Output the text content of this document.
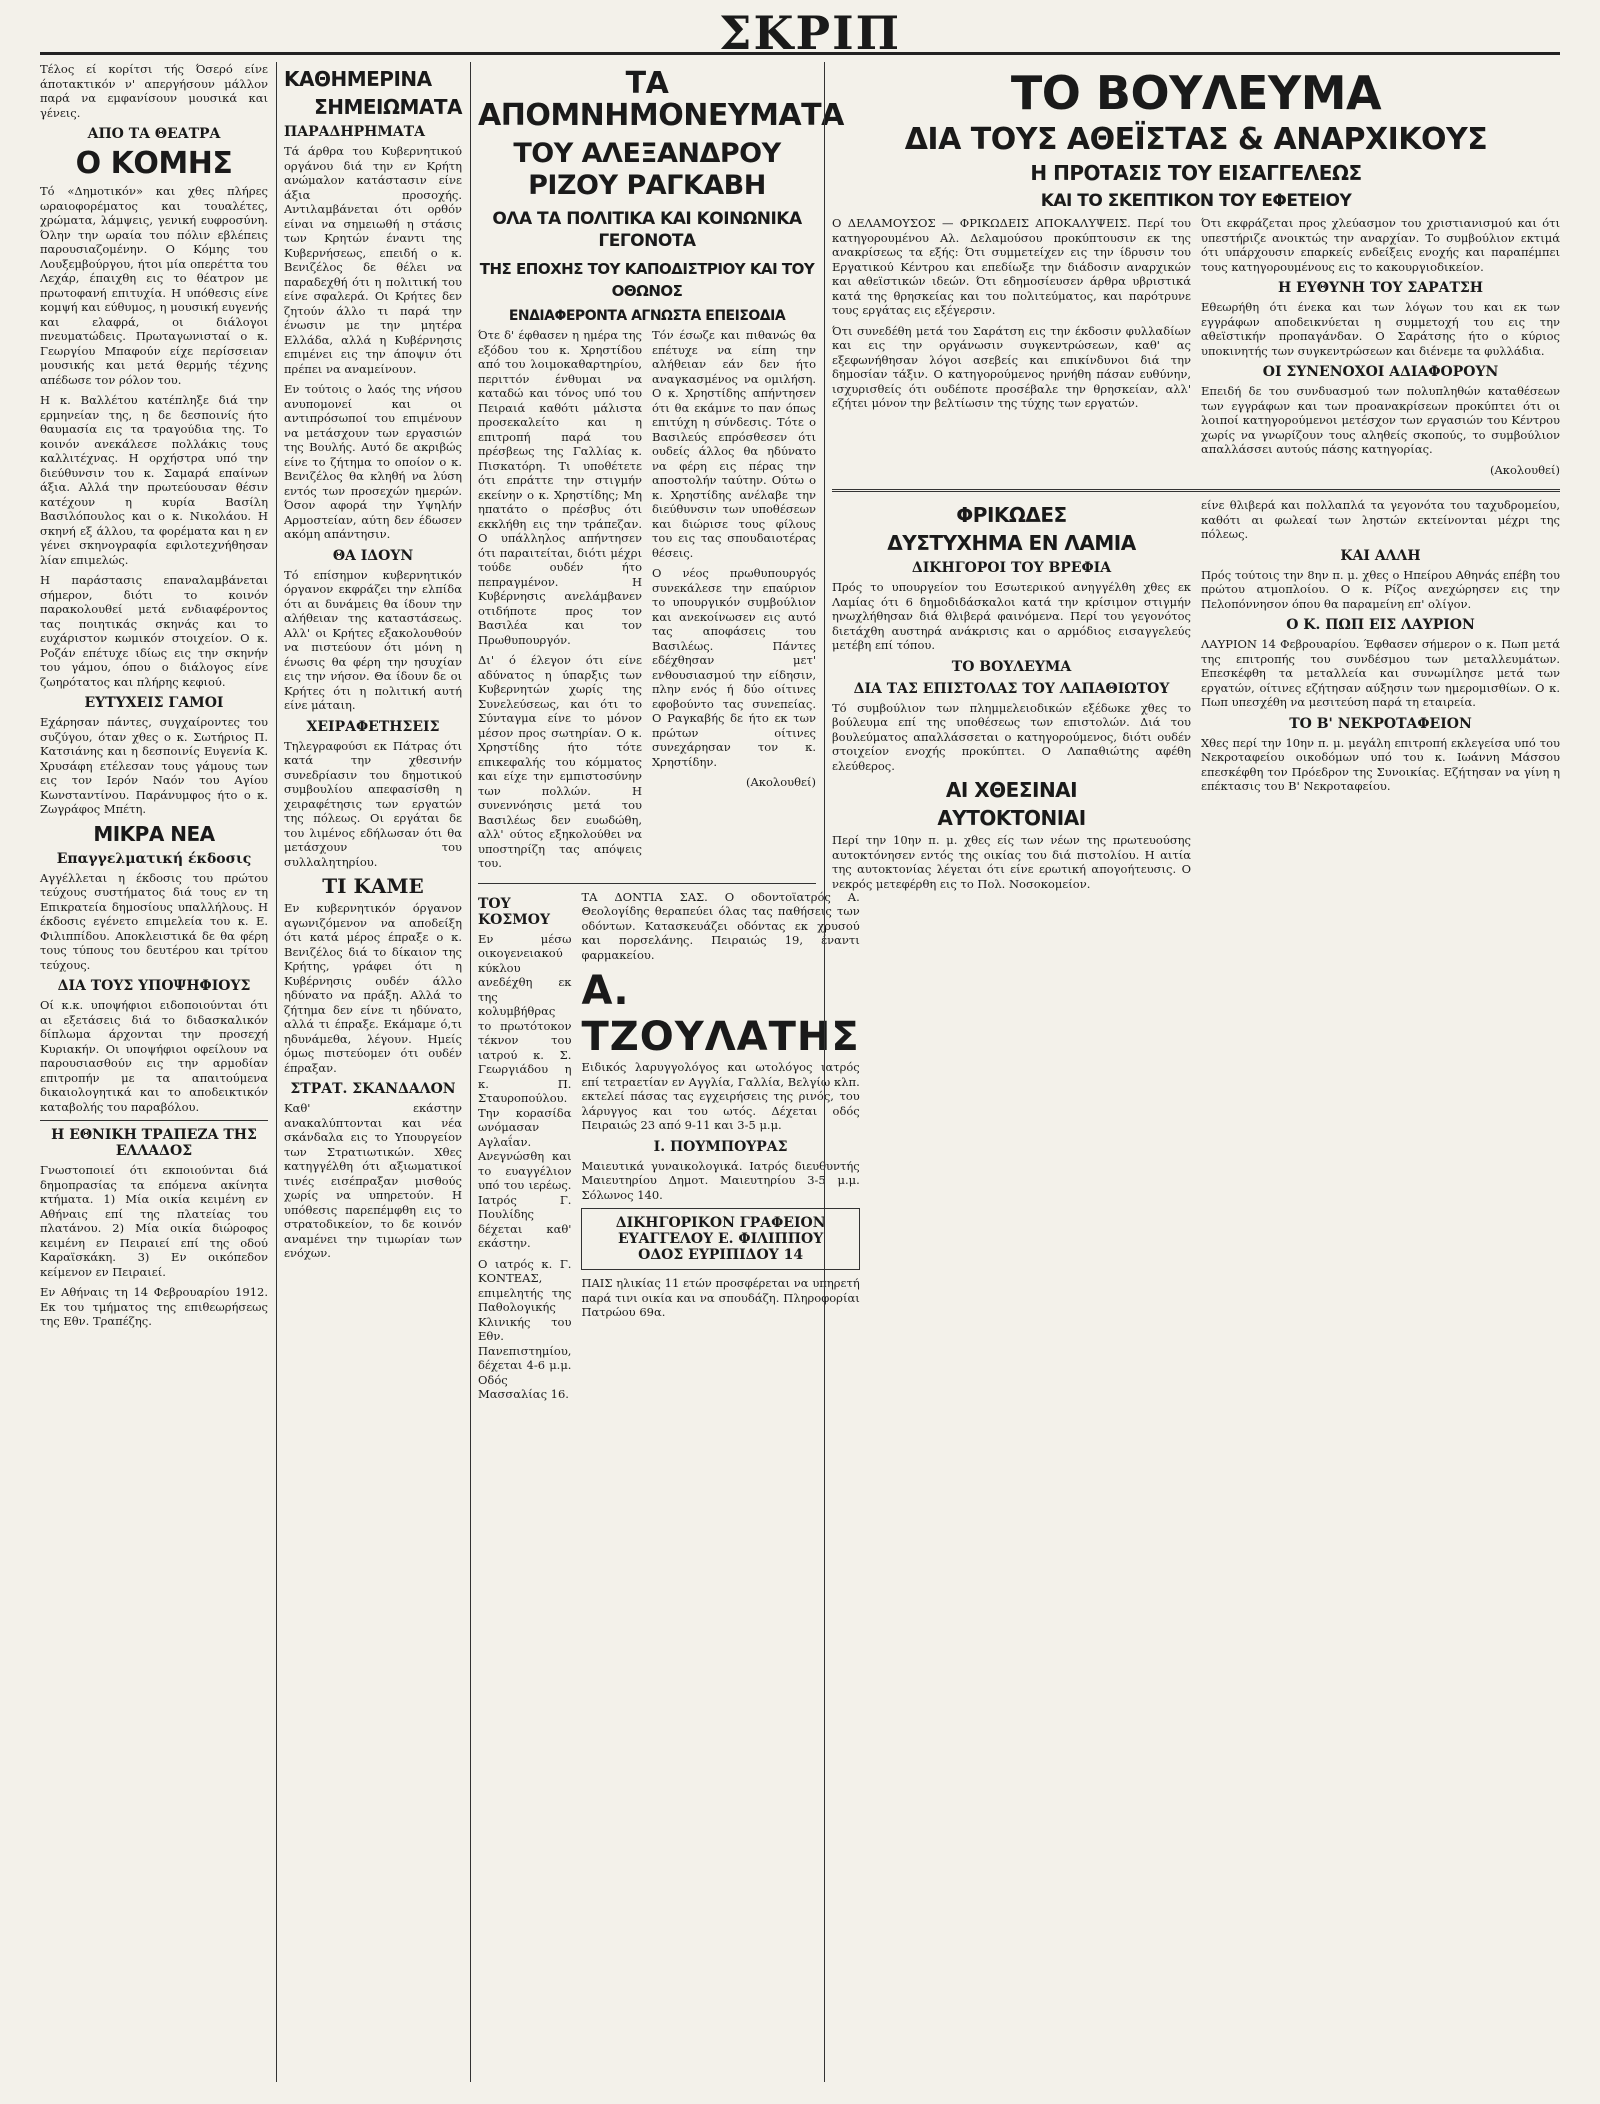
ΣΚΡΙΠ

Τέλος εί κορίτσι τής Όσερό είνε άποτακτικόν ν' απεργήσουν μάλλον παρά να εμφανίσουν μουσικά και γένεις.

ΑΠΟ ΤΑ ΘΕΑΤΡΑ
Ο ΚΟΜΗΣ

Τό «Δημοτικόν» και χθες πλήρες ωραιοφορέματος και τουαλέτες, χρώματα, λάμψεις, γενική ευφροσύνη. Όλην την ωραία του πόλιν εβλέπεις παρουσιαζομένην. Ο Κόμης του Λουξεμβούργου, ήτοι μία οπερέττα του Λεχάρ, έπαιχθη εις το θέατρον με πρωτοφανή επιτυχία. Η υπόθεσις είνε κομψή και εύθυμος, η μουσική ευγενής και ελαφρά, οι διάλογοι πνευματώδεις. Πρωταγωνισταί ο κ. Γεωργίου Μπαφούν είχε περίσσειαν μουσικής και μετά θερμής τέχνης απέδωσε τον ρόλον του.

Η κ. Βαλλέτου κατέπληξε διά την ερμηνείαν της, η δε δεσποινίς ήτο θαυμασία εις τα τραγούδια της. Το κοινόν ανεκάλεσε πολλάκις τους καλλιτέχνας. Η ορχήστρα υπό την διεύθυνσιν του κ. Σαμαρά επαίνων άξια. Αλλά την πρωτεύουσαν θέσιν κατέχουν η κυρία Βασίλη Βασιλόπουλος και ο κ. Νικολάου. Η σκηνή εξ άλλου, τα φορέματα και η εν γένει σκηνογραφία εφιλοτεχνήθησαν λίαν επιμελώς.

Η παράστασις επαναλαμβάνεται σήμερον, διότι το κοινόν παρακολουθεί μετά ενδιαφέροντος τας ποιητικάς σκηνάς και το ευχάριστον κωμικόν στοιχείον. Ο κ. Ροζάν επέτυχε ιδίως εις την σκηνήν του γάμου, όπου ο διάλογος είνε ζωηρότατος και πλήρης κεφιού.

ΕΥΤΥΧΕΙΣ ΓΑΜΟΙ

Εχάρησαν πάντες, συγχαίροντες του συζύγου, όταν χθες ο κ. Σωτήριος Π. Κατσιάνης και η δεσποινίς Ευγενία Κ. Χρυσάφη ετέλεσαν τους γάμους των εις τον Ιερόν Ναόν του Αγίου Κωνσταντίνου. Παράνυμφος ήτο ο κ. Ζωγράφος Μπέτη.

ΜΙΚΡΑ ΝΕΑ
Επαγγελματική έκδοσις

Αγγέλλεται η έκδοσις του πρώτου τεύχους συστήματος διά τους εν τη Επικρατεία δημοσίους υπαλλήλους. Η έκδοσις εγένετο επιμελεία του κ. Ε. Φιλιππίδου. Αποκλειστικά δε θα φέρη τους τύπους του δευτέρου και τρίτου τεύχους.

ΔΙΑ ΤΟΥΣ ΥΠΟΨΗΦΙΟΥΣ

Οί κ.κ. υποψήφιοι ειδοποιούνται ότι αι εξετάσεις διά το διδασκαλικόν δίπλωμα άρχονται την προσεχή Κυριακήν. Οι υποψήφιοι οφείλουν να παρουσιασθούν εις την αρμοδίαν επιτροπήν με τα απαιτούμενα δικαιολογητικά και το αποδεικτικόν καταβολής του παραβόλου.

Η ΕΘΝΙΚΗ ΤΡΑΠΕΖΑ ΤΗΣ ΕΛΛΑΔΟΣ

Γνωστοποιεί ότι εκποιούνται διά δημοπρασίας τα επόμενα ακίνητα κτήματα. 1) Μία οικία κειμένη εν Αθήναις επί της πλατείας του πλατάνου. 2) Μία οικία διώροφος κειμένη εν Πειραιεί επί της οδού Καραϊσκάκη. 3) Εν οικόπεδον κείμενον εν Πειραιεί.

Εν Αθήναις τη 14 Φεβρουαρίου 1912. Εκ του τμήματος της επιθεωρήσεως της Εθν. Τραπέζης.

ΚΑΘΗΜΕΡΙΝΑ
ΣΗΜΕΙΩΜΑΤΑ
ΠΑΡΑΔΗΡΗΜΑΤΑ

Τά άρθρα του Κυβερνητικού οργάνου διά την εν Κρήτη ανώμαλον κατάστασιν είνε άξια προσοχής. Αντιλαμβάνεται ότι ορθόν είναι να σημειωθή η στάσις των Κρητών έναντι της Κυβερνήσεως, επειδή ο κ. Βενιζέλος δε θέλει να παραδεχθή ότι η πολιτική του είνε σφαλερά. Οι Κρήτες δεν ζητούν άλλο τι παρά την ένωσιν με την μητέρα Ελλάδα, αλλά η Κυβέρνησις επιμένει εις την άποψιν ότι πρέπει να αναμείνουν.

Εν τούτοις ο λαός της νήσου ανυπομονεί και οι αντιπρόσωποί του επιμένουν να μετάσχουν των εργασιών της Βουλής. Αυτό δε ακριβώς είνε το ζήτημα το οποίον ο κ. Βενιζέλος θα κληθή να λύση εντός των προσεχών ημερών. Όσον αφορά την Υψηλήν Αρμοστείαν, αύτη δεν έδωσεν ακόμη απάντησιν.

ΘΑ ΙΔΟΥΝ

Τό επίσημον κυβερνητικόν όργανον εκφράζει την ελπίδα ότι αι δυνάμεις θα ίδουν την αλήθειαν της καταστάσεως. Αλλ' οι Κρήτες εξακολουθούν να πιστεύουν ότι μόνη η ένωσις θα φέρη την ησυχίαν εις την νήσον. Θα ίδουν δε οι Κρήτες ότι η πολιτική αυτή είνε μάταιη.

ΧΕΙΡΑΦΕΤΗΣΕΙΣ

Τηλεγραφούσι εκ Πάτρας ότι κατά την χθεσινήν συνεδρίασιν του δημοτικού συμβουλίου απεφασίσθη η χειραφέτησις των εργατών της πόλεως. Οι εργάται δε του λιμένος εδήλωσαν ότι θα μετάσχουν του συλλαλητηρίου.

ΤΙ ΚΑΜΕ

Εν κυβερνητικόν όργανον αγωνιζόμενον να αποδείξη ότι κατά μέρος έπραξε ο κ. Βενιζέλος διά το δίκαιον της Κρήτης, γράφει ότι η Κυβέρνησις ουδέν άλλο ηδύνατο να πράξη. Αλλά το ζήτημα δεν είνε τι ηδύνατο, αλλά τι έπραξε. Εκάμαμε ό,τι ηδυνάμεθα, λέγουν. Ημείς όμως πιστεύομεν ότι ουδέν έπραξαν.

ΣΤΡΑΤ. ΣΚΑΝΔΑΛΟΝ

Καθ' εκάστην ανακαλύπτονται και νέα σκάνδαλα εις το Υπουργείον των Στρατιωτικών. Χθες κατηγγέλθη ότι αξιωματικοί τινές εισέπραξαν μισθούς χωρίς να υπηρετούν. Η υπόθεσις παρεπέμφθη εις το στρατοδικείον, το δε κοινόν αναμένει την τιμωρίαν των ενόχων.

ΤΑ ΑΠΟΜΝΗΜΟΝΕΥΜΑΤΑ
ΤΟΥ ΑΛΕΞΑΝΔΡΟΥ ΡΙΖΟΥ ΡΑΓΚΑΒΗ
ΟΛΑ ΤΑ ΠΟΛΙΤΙΚΑ ΚΑΙ ΚΟΙΝΩΝΙΚΑ ΓΕΓΟΝΟΤΑ
ΤΗΣ ΕΠΟΧΗΣ ΤΟΥ ΚΑΠΟΔΙΣΤΡΙΟΥ ΚΑΙ ΤΟΥ ΟΘΩΝΟΣ
ΕΝΔΙΑΦΕΡΟΝΤΑ ΑΓΝΩΣΤΑ ΕΠΕΙΣΟΔΙΑ

Ότε δ' έφθασεν η ημέρα της εξόδου του κ. Χρηστίδου από του λοιμοκαθαρτηρίου, περιττόν ένθυμαι να καταδώ και τόνος υπό του Πειραιά καθότι μάλιστα προσεκαλείτο και η επιτροπή παρά του πρέσβεως της Γαλλίας κ. Πισκατόρη. Τι υποθέτετε ότι επράττε την στιγμήν εκείνην ο κ. Χρηστίδης; Μη ηπατάτο ο πρέσβυς ότι εκκλήθη εις την τράπεζαν. Ο υπάλληλος απήντησεν ότι παραιτείται, διότι μέχρι τούδε ουδέν ήτο πεπραγμένον. Η Κυβέρνησις ανελάμβανεν οτιδήποτε προς τον Βασιλέα και τον Πρωθυπουργόν.

Δι' ό έλεγον ότι είνε αδύνατος η ύπαρξις των Κυβερνητών χωρίς της Συνελεύσεως, και ότι το Σύνταγμα είνε το μόνον μέσον προς σωτηρίαν. Ο κ. Χρηστίδης ήτο τότε επικεφαλής του κόμματος και είχε την εμπιστοσύνην των πολλών. Η συνεννόησις μετά του Βασιλέως δεν ευωδώθη, αλλ' ούτος εξηκολούθει να υποστηρίζη τας απόψεις του.

Τόν έσωζε και πιθανώς θα επέτυχε να είπη την αλήθειαν εάν δεν ήτο αναγκασμένος να ομιλήση. Ο κ. Χρηστίδης απήντησεν ότι θα εκάμνε το παν όπως επιτύχη η σύνδεσις. Τότε ο Βασιλεύς επρόσθεσεν ότι ουδείς άλλος θα ηδύνατο να φέρη εις πέρας την αποστολήν ταύτην. Ούτω ο κ. Χρηστίδης ανέλαβε την διεύθυνσιν των υποθέσεων και διώρισε τους φίλους του εις τας σπουδαιοτέρας θέσεις.

Ο νέος πρωθυπουργός συνεκάλεσε την επαύριον το υπουργικόν συμβούλιον και ανεκοίνωσεν εις αυτό τας αποφάσεις του Βασιλέως. Πάντες εδέχθησαν μετ' ενθουσιασμού την είδησιν, πλην ενός ή δύο οίτινες εφοβούντο τας συνεπείας. Ο Ραγκαβής δε ήτο εκ των πρώτων οίτινες συνεχάρησαν τον κ. Χρηστίδην.

(Ακολουθεί)

ΤΟΥ ΚΟΣΜΟΥ

Εν μέσω οικογενειακού κύκλου ανεδέχθη εκ της κολυμβήθρας το πρωτότοκον τέκνον του ιατρού κ. Σ. Γεωργιάδου η κ. Π. Σταυροπούλου. Την κορασίδα ωνόμασαν Αγλαΐαν. Ανεγνώσθη και το ευαγγέλιον υπό του ιερέως. Ιατρός Γ. Πουλίδης δέχεται καθ' εκάστην.

Ο ιατρός κ. Γ. ΚΟΝΤΕΑΣ, επιμελητής της Παθολογικής Κλινικής του Εθν. Πανεπιστημίου, δέχεται 4-6 μ.μ. Οδός Μασσαλίας 16.

ΤΑ ΔΟΝΤΙΑ ΣΑΣ. Ο οδοντοϊατρός Α. Θεολογίδης θεραπεύει όλας τας παθήσεις των οδόντων. Κατασκευάζει οδόντας εκ χρυσού και πορσελάνης. Πειραιώς 19, έναντι φαρμακείου.

Α. ΤΖΟΥΛΑΤΗΣ

Ειδικός λαρυγγολόγος και ωτολόγος ιατρός επί τετραετίαν εν Αγγλία, Γαλλία, Βελγίω κλπ. εκτελεί πάσας τας εγχειρήσεις της ρινός, του λάρυγγος και του ωτός. Δέχεται οδός Πειραιώς 23 από 9-11 και 3-5 μ.μ.

Ι. ΠΟΥΜΠΟΥΡΑΣ

Μαιευτικά γυναικολογικά. Ιατρός διευθυντής Μαιευτηρίου Δημοτ. Μαιευτηρίου 3-5 μ.μ. Σόλωνος 140.

ΔΙΚΗΓΟΡΙΚΟΝ ΓΡΑΦΕΙΟΝ
ΕΥΑΓΓΕΛΟΥ Ε. ΦΙΛΙΠΠΟΥ
ΟΔΟΣ ΕΥΡΙΠΙΔΟΥ 14

ΠΑΙΣ ηλικίας 11 ετών προσφέρεται να υπηρετή παρά τινι οικία και να σπουδάζη. Πληροφορίαι Πατρώου 69α.

ΤΟ ΒΟΥΛΕΥΜΑ
ΔΙΑ ΤΟΥΣ ΑΘΕΪΣΤΑΣ & ΑΝΑΡΧΙΚΟΥΣ
Η ΠΡΟΤΑΣΙΣ ΤΟΥ ΕΙΣΑΓΓΕΛΕΩΣ
ΚΑΙ ΤΟ ΣΚΕΠΤΙΚΟΝ ΤΟΥ ΕΦΕΤΕΙΟΥ

Ο ΔΕΛΑΜΟΥΣΟΣ — ΦΡΙΚΩΔΕΙΣ ΑΠΟΚΑΛΥΨΕΙΣ. Περί του κατηγορουμένου Αλ. Δελαμούσου προκύπτουσιν εκ της ανακρίσεως τα εξής: Ότι συμμετείχεν εις την ίδρυσιν του Εργατικού Κέντρου και επεδίωξε την διάδοσιν αναρχικών και αθεϊστικών ιδεών. Ότι εδημοσίευσεν άρθρα υβριστικά κατά της θρησκείας και του πολιτεύματος, και παρότρυνε τους εργάτας εις εξέγερσιν.

Ότι συνεδέθη μετά του Σαράτση εις την έκδοσιν φυλλαδίων και εις την οργάνωσιν συγκεντρώσεων, καθ' ας εξεφωνήθησαν λόγοι ασεβείς και επικίνδυνοι διά την δημοσίαν τάξιν. Ο κατηγορούμενος ηρνήθη πάσαν ευθύνην, ισχυρισθείς ότι ουδέποτε προσέβαλε την θρησκείαν, αλλ' εζήτει μόνον την βελτίωσιν της τύχης των εργατών.

Ότι εκφράζεται προς χλεύασμον του χριστιανισμού και ότι υπεστήριζε ανοικτώς την αναρχίαν. Το συμβούλιον εκτιμά ότι υπάρχουσιν επαρκείς ενδείξεις ενοχής και παραπέμπει τους κατηγορουμένους εις το κακουργιοδικείον.

Η ΕΥΘΥΝΗ ΤΟΥ ΣΑΡΑΤΣΗ

Εθεωρήθη ότι ένεκα και των λόγων του και εκ των εγγράφων αποδεικνύεται η συμμετοχή του εις την αθεϊστικήν προπαγάνδαν. Ο Σαράτσης ήτο ο κύριος υποκινητής των συγκεντρώσεων και διένεμε τα φυλλάδια.

ΟΙ ΣΥΝΕΝΟΧΟΙ ΑΔΙΑΦΟΡΟΥΝ

Επειδή δε του συνδυασμού των πολυπληθών καταθέσεων των εγγράφων και των προανακρίσεων προκύπτει ότι οι λοιποί κατηγορούμενοι μετέσχον των εργασιών του Κέντρου χωρίς να γνωρίζουν τους αληθείς σκοπούς, το συμβούλιον απαλλάσσει αυτούς πάσης κατηγορίας.

(Ακολουθεί)

ΦΡΙΚΩΔΕΣ
ΔΥΣΤΥΧΗΜΑ ΕΝ ΛΑΜΙΑ
ΔΙΚΗΓΟΡΟΙ ΤΟΥ ΒΡΕΦΙΑ

Πρός το υπουργείον του Εσωτερικού ανηγγέλθη χθες εκ Λαμίας ότι 6 δημοδιδάσκαλοι κατά την κρίσιμον στιγμήν ηνωχλήθησαν διά θλιβερά φαινόμενα. Περί του γεγονότος διετάχθη αυστηρά ανάκρισις και ο αρμόδιος εισαγγελεύς μετέβη επί τόπου.

ΤΟ ΒΟΥΛΕΥΜΑ
ΔΙΑ ΤΑΣ ΕΠΙΣΤΟΛΑΣ ΤΟΥ ΛΑΠΑΘΙΩΤΟΥ

Τό συμβούλιον των πλημμελειοδικών εξέδωκε χθες το βούλευμα επί της υποθέσεως των επιστολών. Διά του βουλεύματος απαλλάσσεται ο κατηγορούμενος, διότι ουδέν στοιχείον ενοχής προκύπτει. Ο Λαπαθιώτης αφέθη ελεύθερος.

ΑΙ ΧΘΕΣΙΝΑΙ
ΑΥΤΟΚΤΟΝΙΑΙ

Περί την 10ην π. μ. χθες είς των νέων της πρωτευούσης αυτοκτόνησεν εντός της οικίας του διά πιστολίου. Η αιτία της αυτοκτονίας λέγεται ότι είνε ερωτική απογοήτευσις. Ο νεκρός μετεφέρθη εις το Πολ. Νοσοκομείον.

είνε θλιβερά και πολλαπλά τα γεγονότα του ταχυδρομείου, καθότι αι φωλεαί των ληστών εκτείνονται μέχρι της πόλεως.

ΚΑΙ ΑΛΛΗ

Πρός τούτοις την 8ην π. μ. χθες ο Ηπείρου Αθηνάς επέβη του πρώτου ατμοπλοίου. Ο κ. Ρίζος ανεχώρησεν εις την Πελοπόννησον όπου θα παραμείνη επ' ολίγον.

Ο Κ. ΠΩΠ ΕΙΣ ΛΑΥΡΙΟΝ

ΛΑΥΡΙΟΝ 14 Φεβρουαρίου. Έφθασεν σήμερον ο κ. Πωπ μετά της επιτροπής του συνδέσμου των μεταλλευμάτων. Επεσκέφθη τα μεταλλεία και συνωμίλησε μετά των εργατών, οίτινες εζήτησαν αύξησιν των ημερομισθίων. Ο κ. Πωπ υπεσχέθη να μεσιτεύση παρά τη εταιρεία.

ΤΟ Β' ΝΕΚΡΟΤΑΦΕΙΟΝ

Χθες περί την 10ην π. μ. μεγάλη επιτροπή εκλεγείσα υπό του Νεκροταφείου οικοδόμων υπό του κ. Ιωάννη Μάσσου επεσκέφθη τον Πρόεδρον της Συνοικίας. Εζήτησαν να γίνη η επέκτασις του Β' Νεκροταφείου.
